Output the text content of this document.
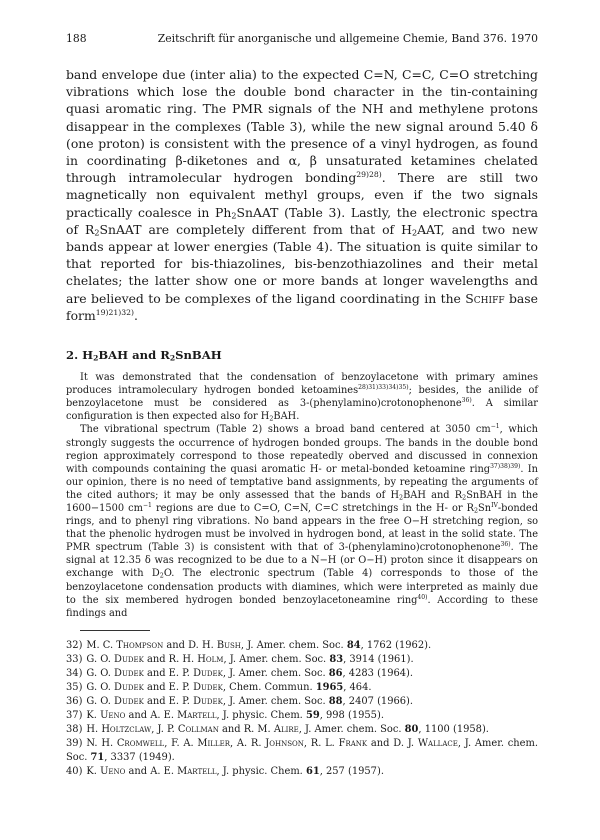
188	Zeitschrift für anorganische und allgemeine Chemie, Band 376. 1970

band envelope due (inter alia) to the expected C=N, C=C, C=O stretching vibrations which lose the double bond character in the tin-containing quasi aromatic ring. The PMR signals of the NH and methylene protons disappear in the complexes (Table 3), while the new signal around 5.40 δ (one proton) is consistent with the presence of a vinyl hydrogen, as found in coordinating β-diketones and α, β unsaturated ketamines chelated through intramolecular hydrogen bonding$^{29)28)}$. There are still two magnetically non equivalent methyl groups, even if the two signals practically coalesce in $Ph_2SnAAT$ (Table 3). Lastly, the electronic spectra of $R_2SnAAT$ are completely different from that of $H_2AAT$, and two new bands appear at lower energies (Table 4). The situation is quite similar to that reported for bis-thiazolines, bis-benzothiazolines and their metal chelates; the latter show one or more bands at longer wavelengths and are believed to be complexes of the ligand coordinating in the Schiff base form$^{19)21)32)}$.

2. $H_2BAH$ and $R_2SnBAH$

It was demonstrated that the condensation of benzoylacetone with primary amines produces intramoleculary hydrogen bonded ketoamines$^{28)31)33)34)35)}$; besides, the anilide of benzoylacetone must be considered as 3-(phenylamino)crotonophenone$^{36)}$. A similar configuration is then expected also for $H_2BAH$.

The vibrational spectrum (Table 2) shows a broad band centered at 3050 $cm^{-1}$, which strongly suggests the occurrence of hydrogen bonded groups. The bands in the double bond region approximately correspond to those repeatedly oberved and discussed in connexion with compounds containing the quasi aromatic H- or metal-bonded ketoamine ring$^{37)38)39)}$. In our opinion, there is no need of temptative band assignments, by repeating the arguments of the cited authors; it may be only assessed that the bands of $H_2BAH$ and $R_2SnBAH$ in the 1600−1500 $cm^{-1}$ regions are due to C=O, C=N, C=C stretchings in the H- or $R_2Sn^{IV}$-bonded rings, and to phenyl ring vibrations. No band appears in the free O−H stretching region, so that the phenolic hydrogen must be involved in hydrogen bond, at least in the solid state. The PMR spectrum (Table 3) is consistent with that of 3-(phenylamino)crotonophenone$^{36)}$. The signal at 12.35 δ was recognized to be due to a N−H (or O−H) proton since it disappears on exchange with $D_2O$. The electronic spectrum (Table 4) corresponds to those of the benzoylacetone condensation products with diamines, which were interpreted as mainly due to the six membered hydrogen bonded benzoylacetoneamine ring$^{40)}$. According to these findings and

32) M. C. Thompson and D. H. Bush, J. Amer. chem. Soc. 84, 1762 (1962).

33) G. O. Dudek and R. H. Holm, J. Amer. chem. Soc. 83, 3914 (1961).

34) G. O. Dudek and E. P. Dudek, J. Amer. chem. Soc. 86, 4283 (1964).

35) G. O. Dudek and E. P. Dudek, Chem. Commun. 1965, 464.

36) G. O. Dudek and E. P. Dudek, J. Amer. chem. Soc. 88, 2407 (1966).

37) K. Ueno and A. E. Martell, J. physic. Chem. 59, 998 (1955).

38) H. Holtzclaw, J. P. Collman and R. M. Alire, J. Amer. chem. Soc. 80, 1100 (1958).

39) N. H. Cromwell, F. A. Miller, A. R. Johnson, R. L. Frank and D. J. Wallace, J. Amer. chem. Soc. 71, 3337 (1949).

40) K. Ueno and A. E. Martell, J. physic. Chem. 61, 257 (1957).
